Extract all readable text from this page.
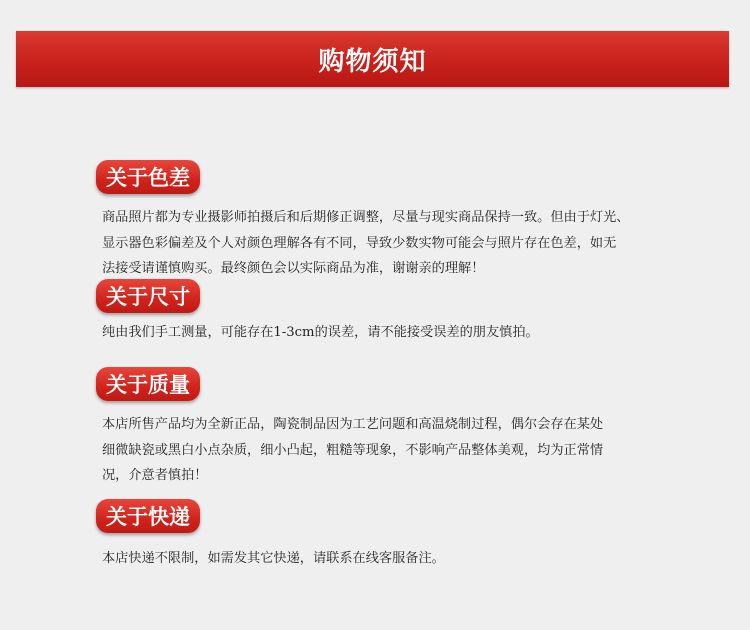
购物须知
关于色差

商品照片都为专业摄影师拍摄后和后期修正调整，尽量与现实商品保持一致。但由于灯光、

显示器色彩偏差及个人对颜色理解各有不同，导致少数实物可能会与照片存在色差，如无

法接受请谨慎购买。最终颜色会以实际商品为准，谢谢亲的理解！

关于尺寸

纯由我们手工测量，可能存在1-3cm的误差，请不能接受误差的朋友慎拍。

关于质量

本店所售产品均为全新正品，陶瓷制品因为工艺问题和高温烧制过程，偶尔会存在某处

细微缺瓷或黑白小点杂质，细小凸起，粗糙等现象，不影响产品整体美观，均为正常情

况，介意者慎拍！

关于快递

本店快递不限制，如需发其它快递，请联系在线客服备注。
